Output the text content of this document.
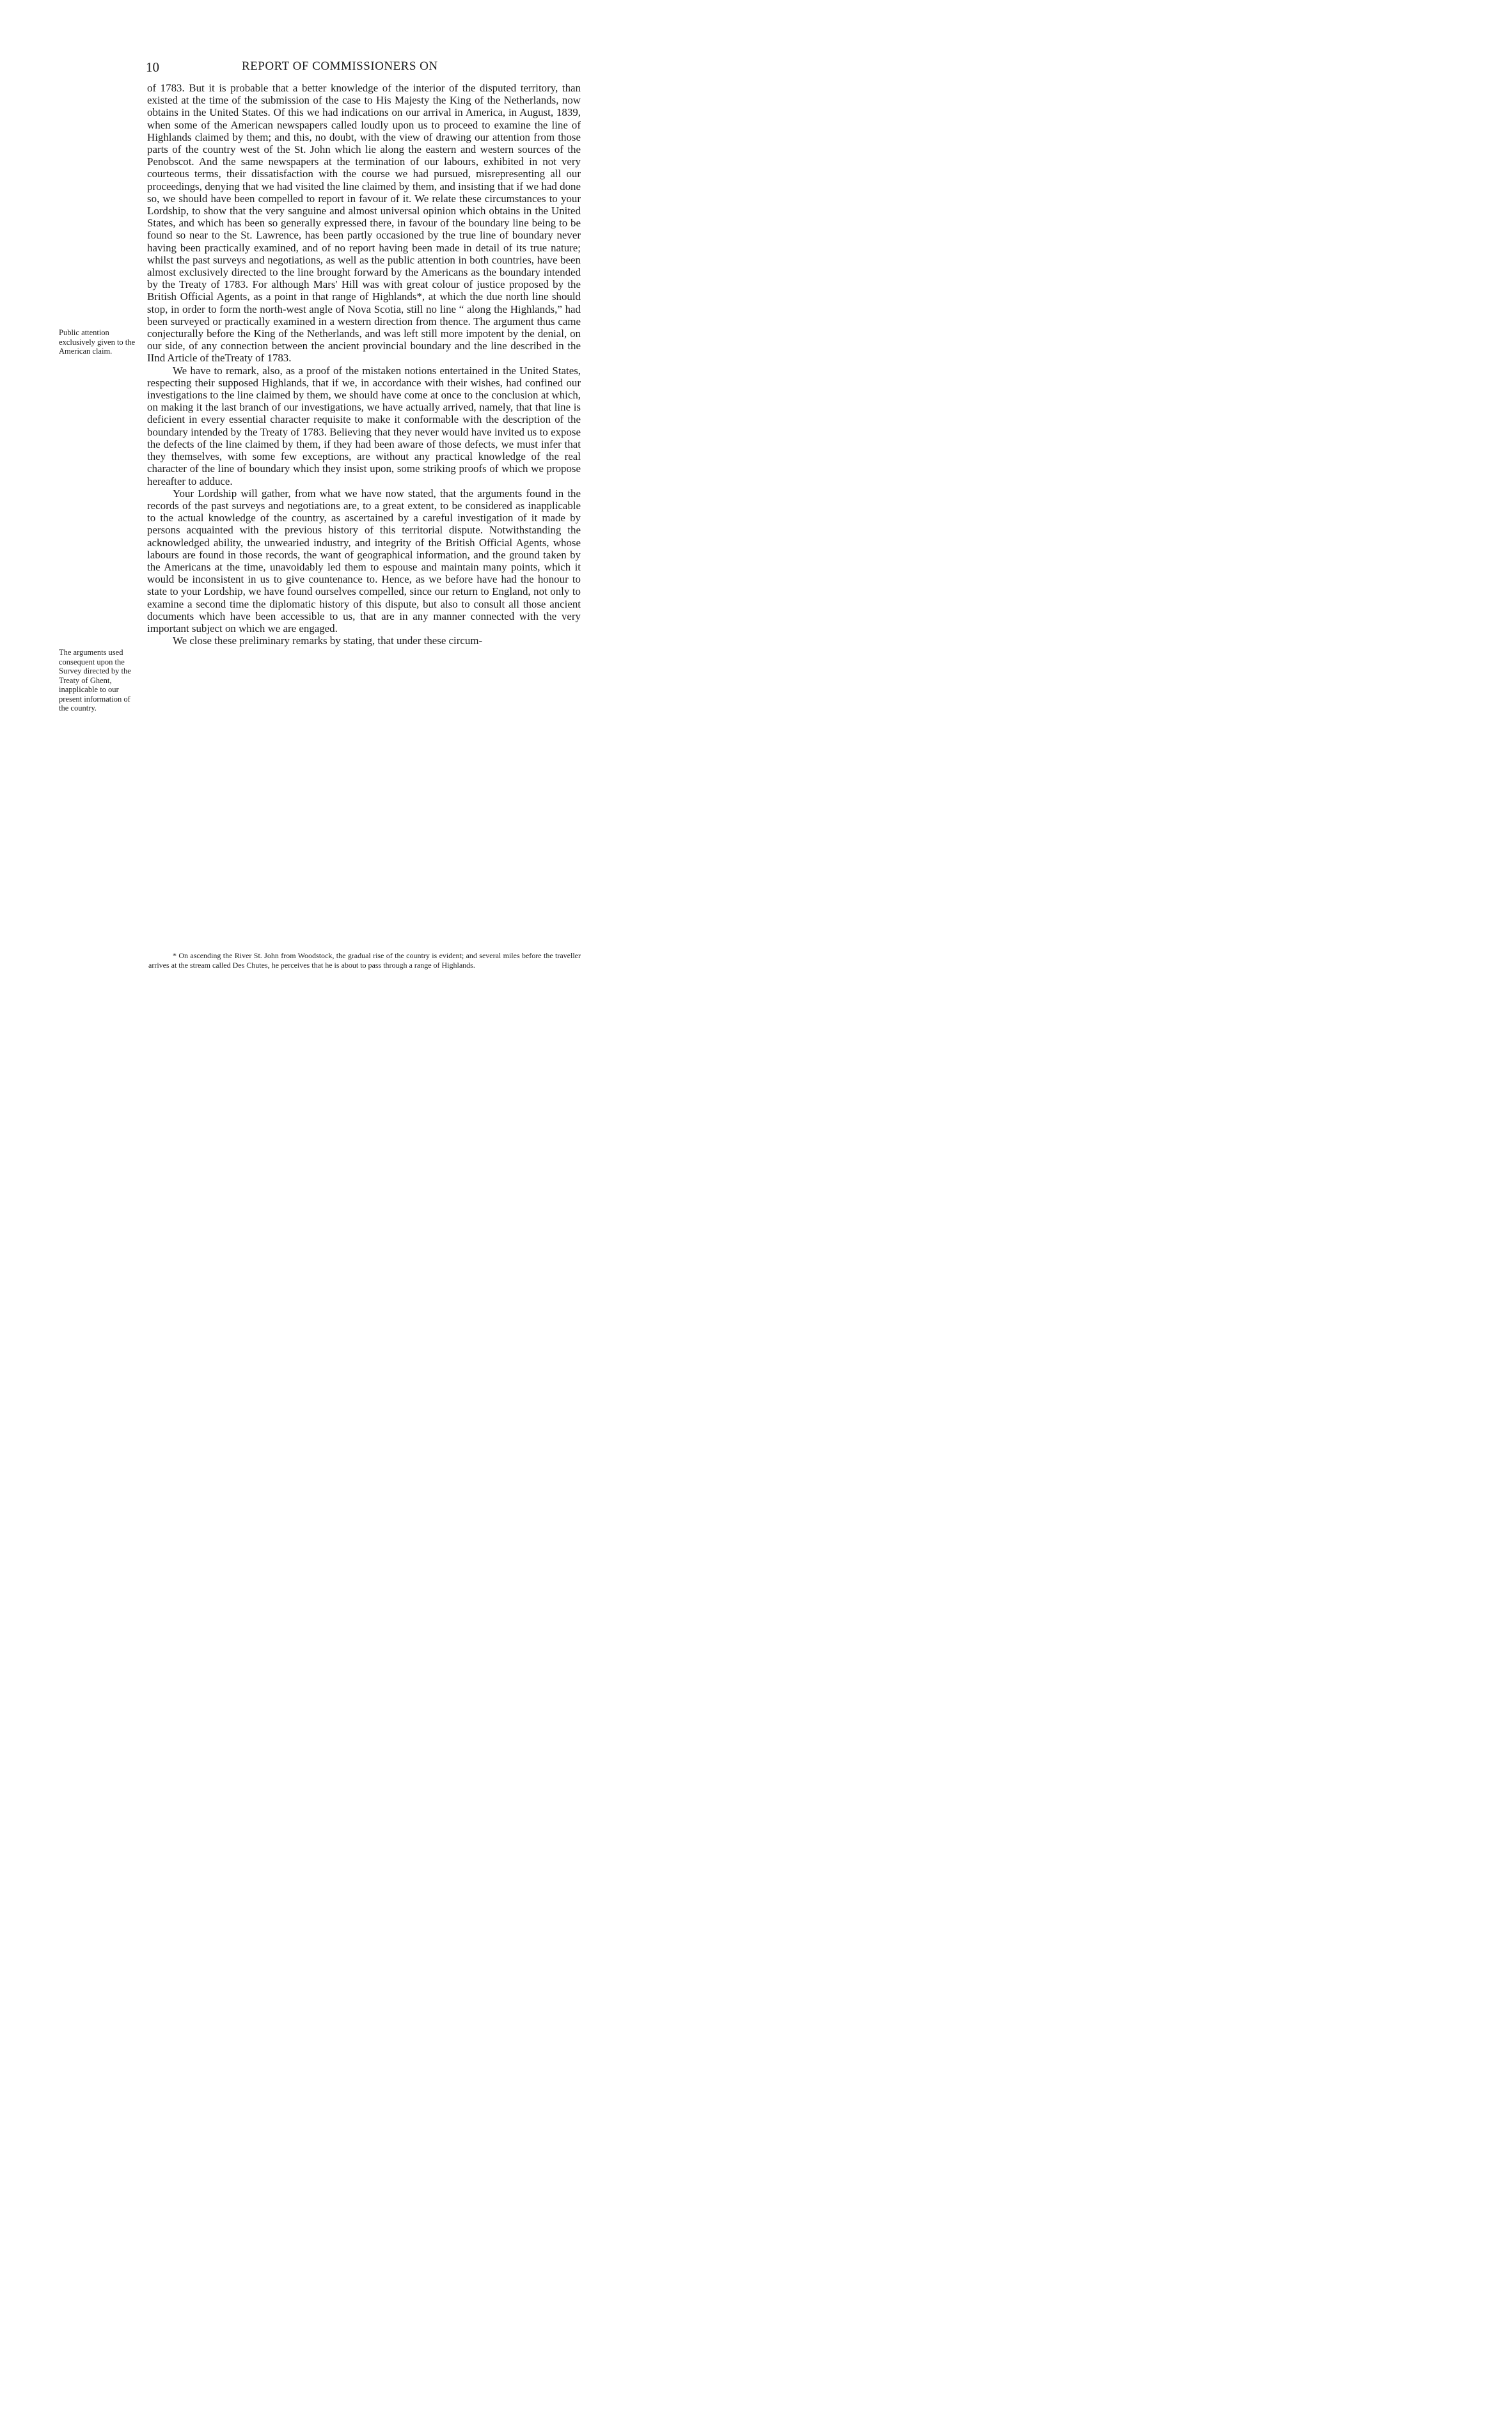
10	REPORT OF COMMISSIONERS ON
Public attention exclusively given to the American claim.
The arguments used consequent upon the Survey directed by the Treaty of Ghent, inapplicable to our present information of the country.

of 1783. But it is probable that a better knowledge of the interior of the disputed territory, than existed at the time of the submission of the case to His Majesty the King of the Netherlands, now obtains in the United States. Of this we had indications on our arrival in America, in August, 1839, when some of the American newspapers called loudly upon us to proceed to examine the line of Highlands claimed by them; and this, no doubt, with the view of drawing our attention from those parts of the country west of the St. John which lie along the eastern and western sources of the Penobscot. And the same newspapers at the termination of our labours, exhibited in not very courteous terms, their dissatisfaction with the course we had pursued, misrepresenting all our proceedings, denying that we had visited the line claimed by them, and insisting that if we had done so, we should have been compelled to report in favour of it. We relate these circumstances to your Lordship, to show that the very sanguine and almost universal opinion which obtains in the United States, and which has been so generally expressed there, in favour of the boundary line being to be found so near to the St. Lawrence, has been partly occasioned by the true line of boundary never having been practically examined, and of no report having been made in detail of its true nature; whilst the past surveys and negotiations, as well as the public attention in both countries, have been almost exclusively directed to the line brought forward by the Americans as the boundary intended by the Treaty of 1783. For although Mars' Hill was with great colour of justice proposed by the British Official Agents, as a point in that range of Highlands*, at which the due north line should stop, in order to form the north-west angle of Nova Scotia, still no line “ along the Highlands,” had been surveyed or practically examined in a western direction from thence. The argument thus came conjecturally before the King of the Netherlands, and was left still more impotent by the denial, on our side, of any connection between the ancient provincial boundary and the line described in the IInd Article of theTreaty of 1783.

We have to remark, also, as a proof of the mistaken notions entertained in the United States, respecting their supposed Highlands, that if we, in accordance with their wishes, had confined our investigations to the line claimed by them, we should have come at once to the conclusion at which, on making it the last branch of our investigations, we have actually arrived, namely, that that line is deficient in every essential character requisite to make it conformable with the description of the boundary intended by the Treaty of 1783. Believing that they never would have invited us to expose the defects of the line claimed by them, if they had been aware of those defects, we must infer that they themselves, with some few exceptions, are without any practical knowledge of the real character of the line of boundary which they insist upon, some striking proofs of which we propose hereafter to adduce.

Your Lordship will gather, from what we have now stated, that the arguments found in the records of the past surveys and negotiations are, to a great extent, to be considered as inapplicable to the actual knowledge of the country, as ascertained by a careful investigation of it made by persons acquainted with the previous history of this territorial dispute. Notwithstanding the acknowledged ability, the unwearied industry, and integrity of the British Official Agents, whose labours are found in those records, the want of geographical information, and the ground taken by the Americans at the time, unavoidably led them to espouse and maintain many points, which it would be inconsistent in us to give countenance to. Hence, as we before have had the honour to state to your Lordship, we have found ourselves compelled, since our return to England, not only to examine a second time the diplomatic history of this dispute, but also to consult all those ancient documents which have been accessible to us, that are in any manner connected with the very important subject on which we are engaged.

We close these preliminary remarks by stating, that under these circum-

* On ascending the River St. John from Woodstock, the gradual rise of the country is evident; and several miles before the traveller arrives at the stream called Des Chutes, he perceives that he is about to pass through a range of Highlands.
